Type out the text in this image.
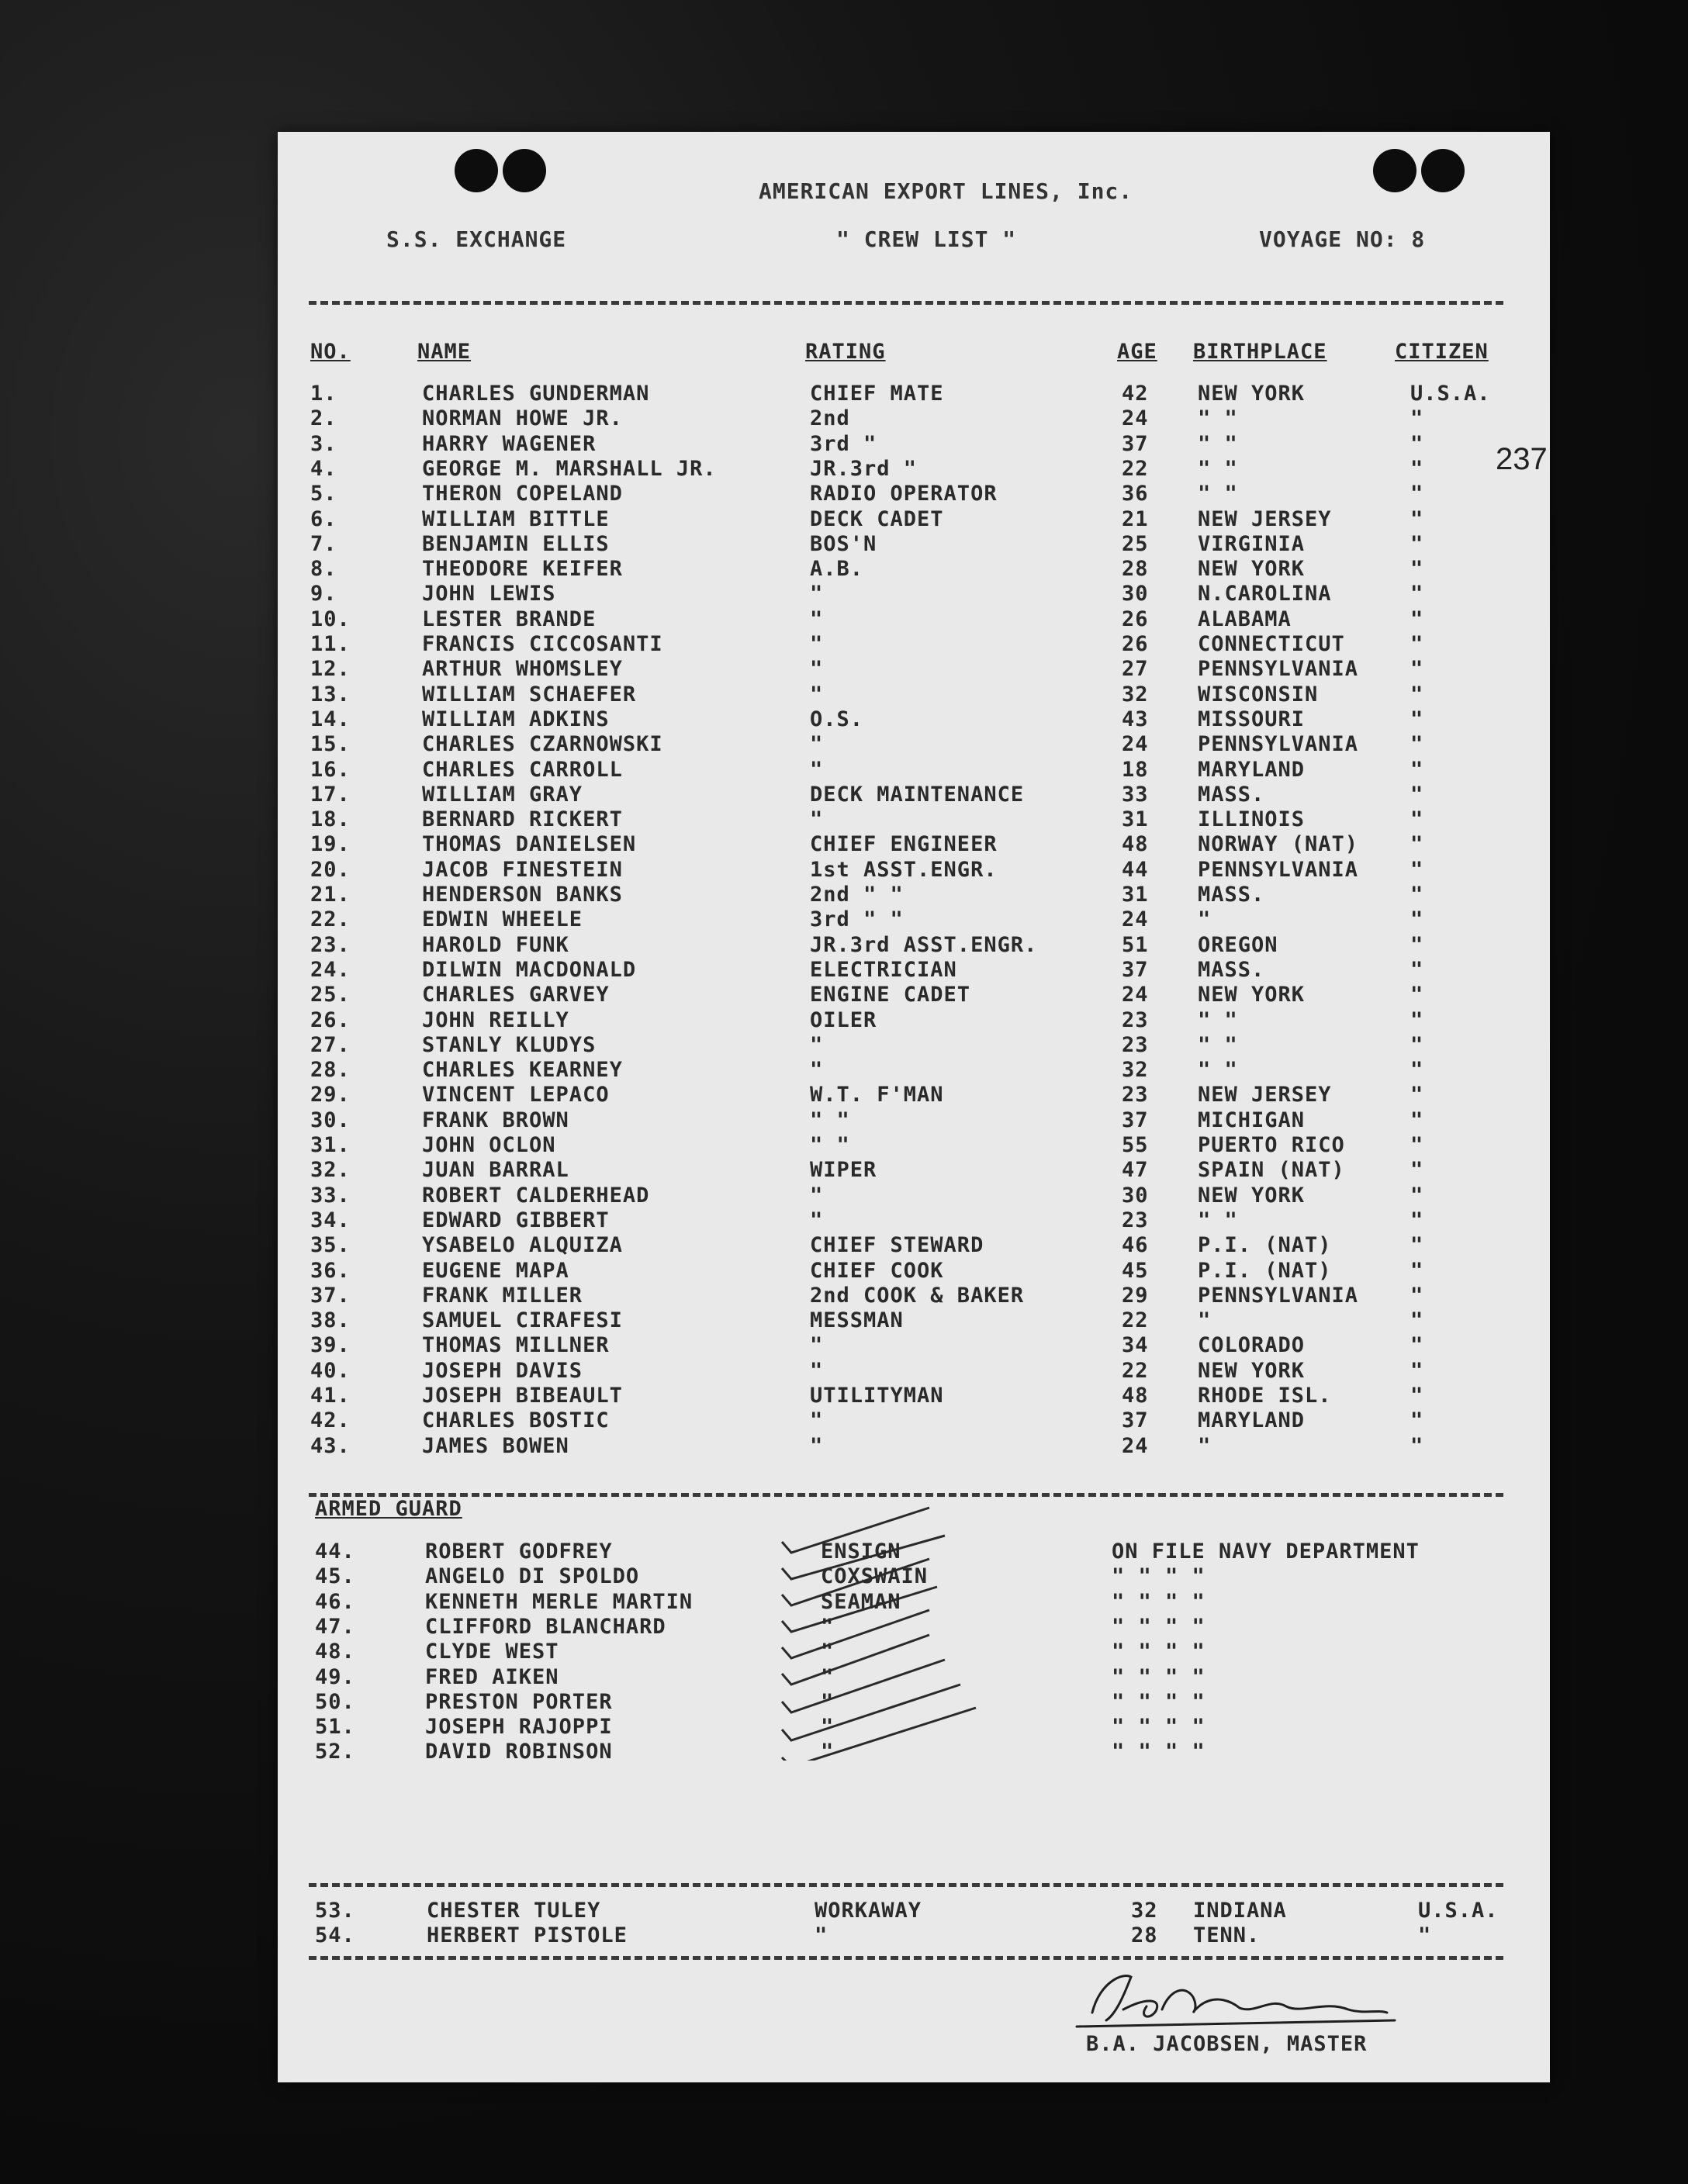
AMERICAN EXPORT LINES, Inc.
S.S. EXCHANGE	" CREW LIST "	VOYAGE NO: 8
NO.	NAME	RATING	AGE BIRTHPLACE	CITIZEN
237
1.	CHARLES GUNDERMAN	CHIEF MATE	42 NEW YORK	U.S.A.
2.	NORMAN HOWE JR.	2nd	24 " "	"
3.	HARRY WAGENER	3rd "	37 " "	"
4.	GEORGE M. MARSHALL JR.	JR.3rd "	22 " "	"
5.	THERON COPELAND	RADIO OPERATOR	36 " "	"
6.	WILLIAM BITTLE	DECK CADET	21 NEW JERSEY	"
7.	BENJAMIN ELLIS	BOS'N	25 VIRGINIA	"
8.	THEODORE KEIFER	A.B.	28 NEW YORK	"
9.	JOHN LEWIS	"	30 N.CAROLINA	"
10.	LESTER BRANDE	"	26 ALABAMA	"
11.	FRANCIS CICCOSANTI	"	26 CONNECTICUT	"
12.	ARTHUR WHOMSLEY	"	27 PENNSYLVANIA "
13.	WILLIAM SCHAEFER	"	32 WISCONSIN	"
14.	WILLIAM ADKINS	O.S.	43 MISSOURI	"
15.	CHARLES CZARNOWSKI	"	24 PENNSYLVANIA "
16.	CHARLES CARROLL	"	18 MARYLAND	"
17.	WILLIAM GRAY	DECK MAINTENANCE	33 MASS.	"
18.	BERNARD RICKERT	"	31 ILLINOIS	"
19.	THOMAS DANIELSEN	CHIEF ENGINEER	48 NORWAY (NAT) "
20.	JACOB FINESTEIN	1st ASST.ENGR.	44 PENNSYLVANIA "
21.	HENDERSON BANKS	2nd " "	31 MASS.	"
22.	EDWIN WHEELE	3rd " "	24 "	"
23.	HAROLD FUNK	JR.3rd ASST.ENGR.	51 OREGON	"
24.	DILWIN MACDONALD	ELECTRICIAN	37 MASS.	"
25.	CHARLES GARVEY	ENGINE CADET	24 NEW YORK	"
26.	JOHN REILLY	OILER	23 " "	"
27.	STANLY KLUDYS	"	23 " "	"
28.	CHARLES KEARNEY	"	32 " "	"
29.	VINCENT LEPACO	W.T. F'MAN	23 NEW JERSEY	"
30.	FRANK BROWN	" "	37 MICHIGAN	"
31.	JOHN OCLON	" "	55 PUERTO RICO	"
32.	JUAN BARRAL	WIPER	47 SPAIN (NAT)	"
33.	ROBERT CALDERHEAD	"	30 NEW YORK	"
34.	EDWARD GIBBERT	"	23 " "	"
35.	YSABELO ALQUIZA	CHIEF STEWARD	46 P.I. (NAT)	"
36.	EUGENE MAPA	CHIEF COOK	45 P.I. (NAT)	"
37.	FRANK MILLER	2nd COOK & BAKER	29 PENNSYLVANIA "
38.	SAMUEL CIRAFESI	MESSMAN	22 "	"
39.	THOMAS MILLNER	"	34 COLORADO	"
40.	JOSEPH DAVIS	"	22 NEW YORK	"
41.	JOSEPH BIBEAULT	UTILITYMAN	48 RHODE ISL.	"
42.	CHARLES BOSTIC	"	37 MARYLAND	"
43.	JAMES BOWEN	"	24 "	"
ARMED GUARD
44.	ROBERT GODFREY	ENSIGN	ON FILE NAVY DEPARTMENT
45.	ANGELO DI SPOLDO	COXSWAIN	" " " "
46.	KENNETH MERLE MARTIN	SEAMAN	" " " "
47.	CLIFFORD BLANCHARD	"	" " " "
48.	CLYDE WEST	"	" " " "
49.	FRED AIKEN	"	" " " "
50.	PRESTON PORTER	"	" " " "
51.	JOSEPH RAJOPPI	"	" " " "
52.	DAVID ROBINSON	"	" " " "
53.	CHESTER TULEY	WORKAWAY	32 INDIANA	U.S.A.
54.	HERBERT PISTOLE	"	28 TENN.	"
B.A. JACOBSEN, MASTER
